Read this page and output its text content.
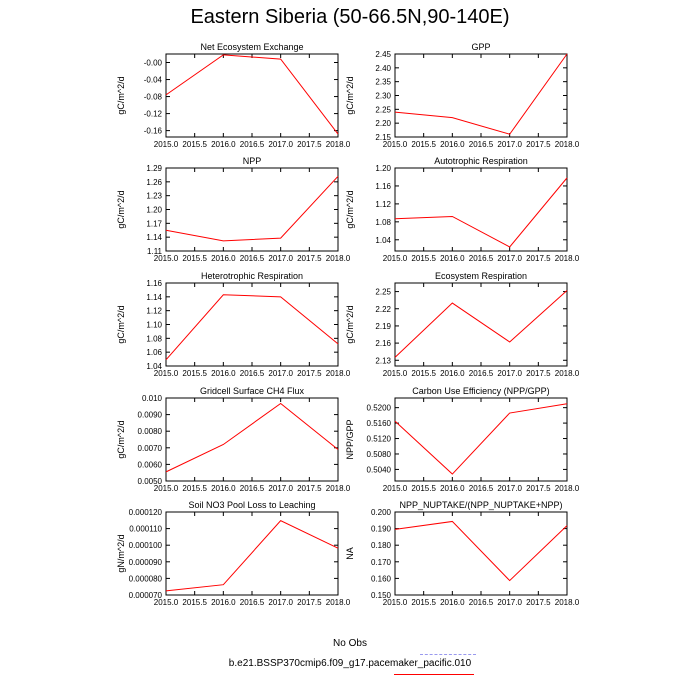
Eastern Siberia (50-66.5N,90-140E)
Net Ecosystem Exchange
gC/m^2/d
2015.0 2015.5 2016.0 2016.5 2017.0 2017.5 2018.0
-0.00
-0.04
-0.08
-0.12
-0.16
GPP
gC/m^2/d
2015.0 2015.5 2016.0 2016.5 2017.0 2017.5 2018.0
2.15
2.20
2.25
2.30
2.35
2.40
2.45
NPP
gC/m^2/d
2015.0 2015.5 2016.0 2016.5 2017.0 2017.5 2018.0
1.11
1.14
1.17
1.20
1.23
1.26
1.29
Autotrophic Respiration
gC/m^2/d
2015.0 2015.5 2016.0 2016.5 2017.0 2017.5 2018.0
1.04
1.08
1.12
1.16
1.20
Heterotrophic Respiration
gC/m^2/d
2015.0 2015.5 2016.0 2016.5 2017.0 2017.5 2018.0
1.04
1.06
1.08
1.10
1.12
1.14
1.16
Ecosystem Respiration
gC/m^2/d
2015.0 2015.5 2016.0 2016.5 2017.0 2017.5 2018.0
2.13
2.16
2.19
2.22
2.25
Gridcell Surface CH4 Flux
gC/m^2/d
2015.0 2015.5 2016.0 2016.5 2017.0 2017.5 2018.0
0.0050
0.0060
0.0070
0.0080
0.0090
0.010
Carbon Use Efficiency (NPP/GPP)
NPP/GPP
2015.0 2015.5 2016.0 2016.5 2017.0 2017.5 2018.0
0.5040
0.5080
0.5120
0.5160
0.5200
Soil NO3 Pool Loss to Leaching
gN/m^2/d
2015.0 2015.5 2016.0 2016.5 2017.0 2017.5 2018.0
0.000070
0.000080
0.000090
0.000100
0.000110
0.000120
NPP_NUPTAKE/(NPP_NUPTAKE+NPP)
NA
2015.0 2015.5 2016.0 2016.5 2017.0 2017.5 2018.0
0.150
0.160
0.170
0.180
0.190
0.200
No Obs
b.e21.BSSP370cmip6.f09_g17.pacemaker_pacific.010
